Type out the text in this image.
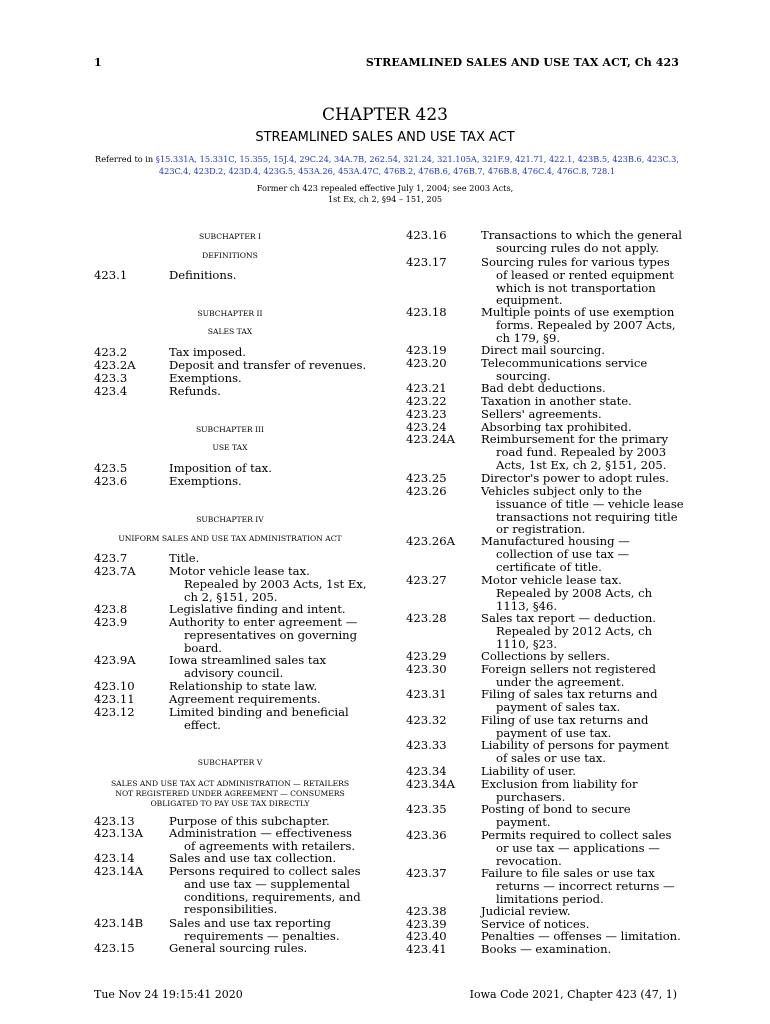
1	STREAMLINED SALES AND USE TAX ACT, Ch 423
CHAPTER 423
STREAMLINED SALES AND USE TAX ACT
Referred to in §15.331A, 15.331C, 15.355, 15J.4, 29C.24, 34A.7B, 262.54, 321.24, 321.105A, 321F.9, 421.71, 422.1, 423B.5, 423B.6, 423C.3,
423C.4, 423D.2, 423D.4, 423G.5, 453A.26, 453A.47C, 476B.2, 476B.6, 476B.7, 476B.8, 476C.4, 476C.8, 728.1
Former ch 423 repealed effective July 1, 2004; see 2003 Acts,
1st Ex, ch 2, §94 – 151, 205
SUBCHAPTER I
DEFINITIONS
SUBCHAPTER II
SALES TAX
SUBCHAPTER III
USE TAX
SUBCHAPTER IV
UNIFORM SALES AND USE TAX ADMINISTRATION ACT
SUBCHAPTER V
SALES AND USE TAX ACT ADMINISTRATION — RETAILERS
NOT REGISTERED UNDER AGREEMENT — CONSUMERS
OBLIGATED TO PAY USE TAX DIRECTLY
423.1	Definitions.
423.2	Tax imposed.
423.2A	Deposit and transfer of revenues.
423.3	Exemptions.
423.4	Refunds.
423.5	Imposition of tax.
423.6	Exemptions.
423.7	Title.
423.7A	Motor vehicle lease tax.
Repealed by 2003 Acts, 1st Ex,
ch 2, §151, 205.
423.8	Legislative finding and intent.
423.9	Authority to enter agreement —
representatives on governing
board.
423.9A	Iowa streamlined sales tax
advisory council.
423.10	Relationship to state law.
423.11	Agreement requirements.
423.12	Limited binding and beneficial
effect.
423.13	Purpose of this subchapter.
423.13A Administration — effectiveness
of agreements with retailers.
423.14	Sales and use tax collection.
423.14A Persons required to collect sales
and use tax — supplemental
conditions, requirements, and
responsibilities.
423.14B Sales and use tax reporting
requirements — penalties.
423.15	General sourcing rules.
423.16	Transactions to which the general
sourcing rules do not apply.
423.17	Sourcing rules for various types
of leased or rented equipment
which is not transportation
equipment.
423.18	Multiple points of use exemption
forms. Repealed by 2007 Acts,
ch 179, §9.
423.19	Direct mail sourcing.
423.20	Telecommunications service
sourcing.
423.21	Bad debt deductions.
423.22	Taxation in another state.
423.23	Sellers' agreements.
423.24	Absorbing tax prohibited.
423.24A Reimbursement for the primary
road fund. Repealed by 2003
Acts, 1st Ex, ch 2, §151, 205.
423.25	Director's power to adopt rules.
423.26	Vehicles subject only to the
issuance of title — vehicle lease
transactions not requiring title
or registration.
423.26A Manufactured housing —
collection of use tax —
certificate of title.
423.27	Motor vehicle lease tax.
Repealed by 2008 Acts, ch
1113, §46.
423.28	Sales tax report — deduction.
Repealed by 2012 Acts, ch
1110, §23.
423.29	Collections by sellers.
423.30	Foreign sellers not registered
under the agreement.
423.31	Filing of sales tax returns and
payment of sales tax.
423.32	Filing of use tax returns and
payment of use tax.
423.33	Liability of persons for payment
of sales or use tax.
423.34	Liability of user.
423.34A Exclusion from liability for
purchasers.
423.35	Posting of bond to secure
payment.
423.36	Permits required to collect sales
or use tax — applications —
revocation.
423.37	Failure to file sales or use tax
returns — incorrect returns —
limitations period.
423.38	Judicial review.
423.39	Service of notices.
423.40	Penalties — offenses — limitation.
423.41	Books — examination.
Tue Nov 24 19:15:41 2020	Iowa Code 2021, Chapter 423 (47, 1)
